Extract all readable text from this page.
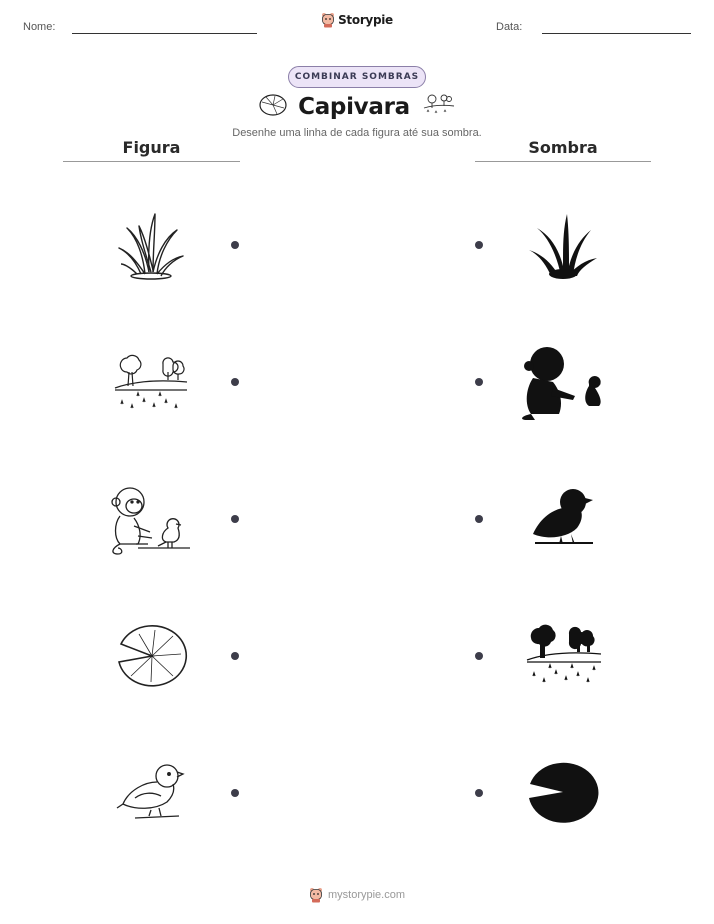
Nome:	Storypie	Data:
COMBINAR SOMBRAS
Capivara
Desenhe uma linha de cada figura até sua sombra.
Figura	Sombra
mystorypie.com
